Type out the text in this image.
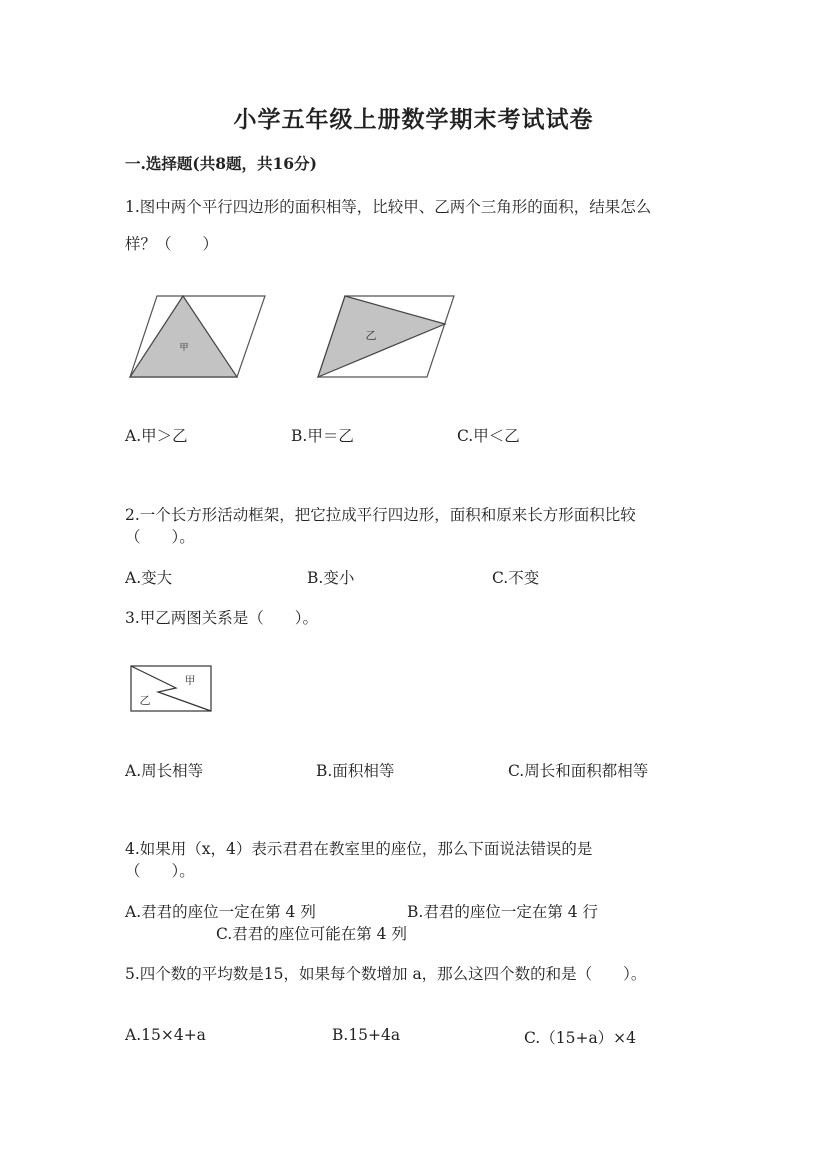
小学五年级上册数学期末考试试卷
一.选择题(共8题，共16分)
1.图中两个平行四边形的面积相等，比较甲、乙两个三角形的面积，结果怎么
样？（　　）
甲
乙
A.甲＞乙	B.甲＝乙	C.甲＜乙
2.一个长方形活动框架，把它拉成平行四边形，面积和原来长方形面积比较
（　　）。
A.变大	B.变小	C.不变
3.甲乙两图关系是（　　）。
甲
乙
A.周长相等	B.面积相等	C.周长和面积都相等
4.如果用（x，4）表示君君在教室里的座位，那么下面说法错误的是
（　　）。
A.君君的座位一定在第 4 列	B.君君的座位一定在第 4 行
C.君君的座位可能在第 4 列
5.四个数的平均数是15，如果每个数增加 a，那么这四个数的和是（　　）。
A.15×4+a	B.15+4a	C.（15+a）×4
